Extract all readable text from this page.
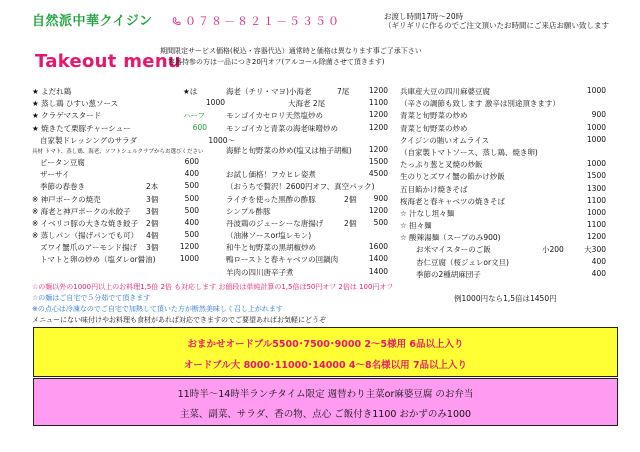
自然派中華クイジン	０７８－８２１－５３５０	お渡し時間17時～20時
（ギリギリに作るのでご注文頂いたお時間にご来店お願い致します
Takeout menu
期間限定サービス価格(税込・容器代込）通常時と価格は異なります事ご了承下さい
容器持参の方は一品につき20円オフ(アルコール除菌させて頂きます)
★ よだれ鶏	★は
★ 蒸し鶏 ひすい葱ソース	1000
★ クラゲマスタード	ハーフ
★ 焼きたて栗豚チャーシュー	600
自家製ドレッシングのサラダ	1000～
具材 トマト、蒸し鶏、海老、ソフトシェルクラブからお選びください
ピータン豆腐	600
ザーサイ	400
季節の春巻き	2本	500
※ 神戸ポークの焼売	3個	500
※ 海老と神戸ポークの水餃子 3個	500
※ イベリコ豚の大きな焼き餃子 2個	400
※ 蒸しパン（揚げパンでも可） 4個	500
ズワイ蟹爪のアーモンド揚げ 3個	1200
トマトと卵の炒め（塩ダレor醤油)	1000
海老（チリ・マヨ)小海老	7尾	1200
大海老 2尾	1100
モンゴイカセロリ天然塩炒め	1200
モンゴイカと青菜の海老味噌炒め	1200
海鮮と旬野菜の炒め(塩又は柚子胡椒) 1200
1500
お試し価格！フカヒレ姿煮	4500
（おうちで贅沢！2600円オフ、真空パック)
ライチを使った黒酢の酢豚	2個 900
シンプル酢豚	1200
丹波鶏のジューシーな唐揚げ	2個 500
（油淋ソースor塩レモン)
和牛と旬野菜の黒胡椒炒め	1600
鴨ローストと春キャベツの回鍋肉	1400
羊肉の四川唐辛子煮	1400
兵庫産大豆の四川麻婆豆腐	1000
（辛さの調節も致します 激辛は別途頂きます）
青菜と旬野菜の炒め	900
青菜と旬野菜の炒め	1000
クイジンの賄いオムライス	1000
（自家製トマトソース、蒸し鶏、焼き卵)
たっぷり葱と叉焼の炒飯	1000
生のりとズワイ蟹の餡かけ炒飯	1500
五目餡かけ焼きそば	1300
桜海老と春キャベツの焼きそば	1100
☆ 汁なし坦々麺	1000
☆ 担々麺	1100
☆ 酸辣湯麺（スープのみ900)	1200
お米マイスターのご飯	小200	大300
杏仁豆腐（桜ジュレor文旦)	400
季節の2種胡麻団子	400
☆の麺以外の1000円以上のお料理1,5倍 2倍 も対応します お値段は単純計算の1,5倍は50円オフ 2倍は 100円オフ
☆の麺はご自宅で５分茹でて頂きます
※の点心は冷凍なのでご自宅で加熱して頂いた方が断然美味しく召し上がれます
メニューにない味付けやお料理も食材があれば対応できますのでご要望あればお気軽にどうぞ
例1000円なら1,5倍は1450円
おまかせオードブル5500･7500･9000 2～5様用 6品以上入り
オードブル大 8000･11000･14000 4～8名様以用 7品以上入り
11時半～14時半ランチタイム限定 週替わり主菜or麻婆豆腐 のお弁当
主菜、副菜、サラダ、香の物、点心 ご飯付き1100 おかずのみ1000
